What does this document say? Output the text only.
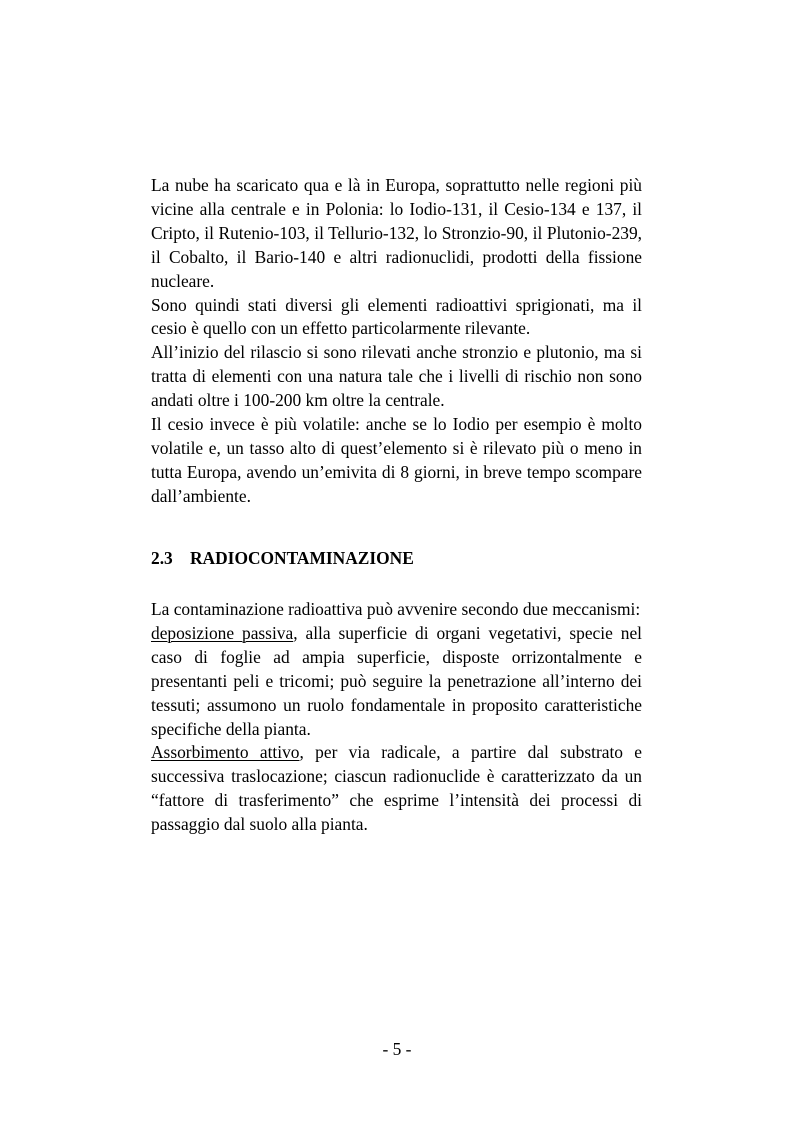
La nube ha scaricato qua e là in Europa, soprattutto nelle regioni più vicine alla centrale e in Polonia: lo Iodio-131, il Cesio-134 e 137, il Cripto, il Rutenio-103, il Tellurio-132, lo Stronzio-90, il Plutonio-239, il Cobalto, il Bario-140 e altri radionuclidi, prodotti della fissione nucleare.

Sono quindi stati diversi gli elementi radioattivi sprigionati, ma il cesio è quello con un effetto particolarmente rilevante.

All’inizio del rilascio si sono rilevati anche stronzio e plutonio, ma si tratta di elementi con una natura tale che i livelli di rischio non sono andati oltre i 100-200 km oltre la centrale.

Il cesio invece è più volatile: anche se lo Iodio per esempio è molto volatile e, un tasso alto di quest’elemento si è rilevato più o meno in tutta Europa, avendo un’emivita di 8 giorni, in breve tempo scompare dall’ambiente.

2.3 RADIOCONTAMINAZIONE

La contaminazione radioattiva può avvenire secondo due meccanismi:

deposizione passiva, alla superficie di organi vegetativi, specie nel caso di foglie ad ampia superficie, disposte orrizontalmente e presentanti peli e tricomi; può seguire la penetrazione all’interno dei tessuti; assumono un ruolo fondamentale in proposito caratteristiche specifiche della pianta.

Assorbimento attivo, per via radicale, a partire dal substrato e successiva traslocazione; ciascun radionuclide è caratterizzato da un “fattore di trasferimento” che esprime l’intensità dei processi di passaggio dal suolo alla pianta.

- 5 -
